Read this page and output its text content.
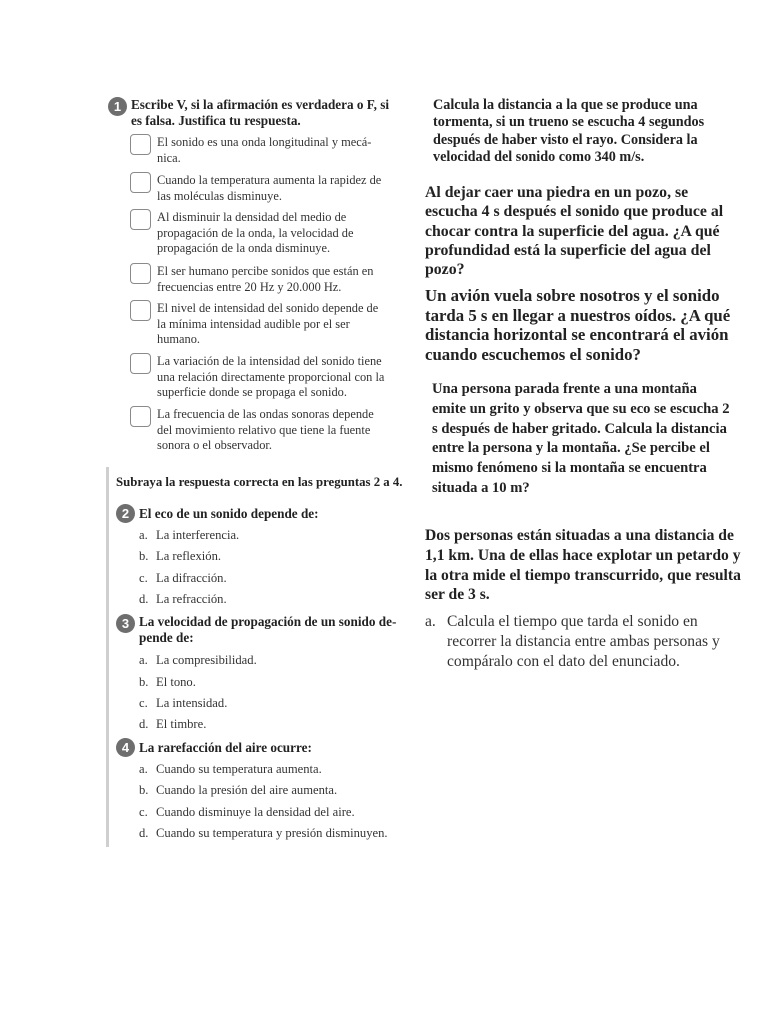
1 Escribe V, si la afirmación es verdadera o F, si es falsa. Justifica tu respuesta.
El sonido es una onda longitudinal y mecá-nica.
Cuando la temperatura aumenta la rapidez de las moléculas disminuye.
Al disminuir la densidad del medio de propagación de la onda, la velocidad de propagación de la onda disminuye.
El ser humano percibe sonidos que están en frecuencias entre 20 Hz y 20.000 Hz.
El nivel de intensidad del sonido depende de la mínima intensidad audible por el ser humano.
La variación de la intensidad del sonido tiene una relación directamente proporcional con la superficie donde se propaga el sonido.
La frecuencia de las ondas sonoras depende del movimiento relativo que tiene la fuente sonora o el observador.
Subraya la respuesta correcta en las preguntas 2 a 4.
2 El eco de un sonido depende de:
a. La interferencia.
b. La reflexión.
c. La difracción.
d. La refracción.
3 La velocidad de propagación de un sonido de-pende de:
a. La compresibilidad.
b. El tono.
c. La intensidad.
d. El timbre.
4 La rarefacción del aire ocurre:
a. Cuando su temperatura aumenta.
b. Cuando la presión del aire aumenta.
c. Cuando disminuye la densidad del aire.
d. Cuando su temperatura y presión disminuyen.
Calcula la distancia a la que se produce una tormenta, si un trueno se escucha 4 segundos después de haber visto el rayo. Considera la velocidad del sonido como 340 m/s.
Al dejar caer una piedra en un pozo, se escucha 4 s después el sonido que produce al chocar contra la superficie del agua. ¿A qué profundidad está la superficie del agua del pozo?
Un avión vuela sobre nosotros y el sonido tarda 5 s en llegar a nuestros oídos. ¿A qué distancia horizontal se encontrará el avión cuando escuchemos el sonido?
Una persona parada frente a una montaña emite un grito y observa que su eco se escucha 2 s después de haber gritado. Calcula la distancia entre la persona y la montaña. ¿Se percibe el mismo fenómeno si la montaña se encuentra situada a 10 m?
Dos personas están situadas a una distancia de 1,1 km. Una de ellas hace explotar un petardo y la otra mide el tiempo transcurrido, que resulta ser de 3 s.
a. Calcula el tiempo que tarda el sonido en recorrer la distancia entre ambas personas y compáralo con el dato del enunciado.
